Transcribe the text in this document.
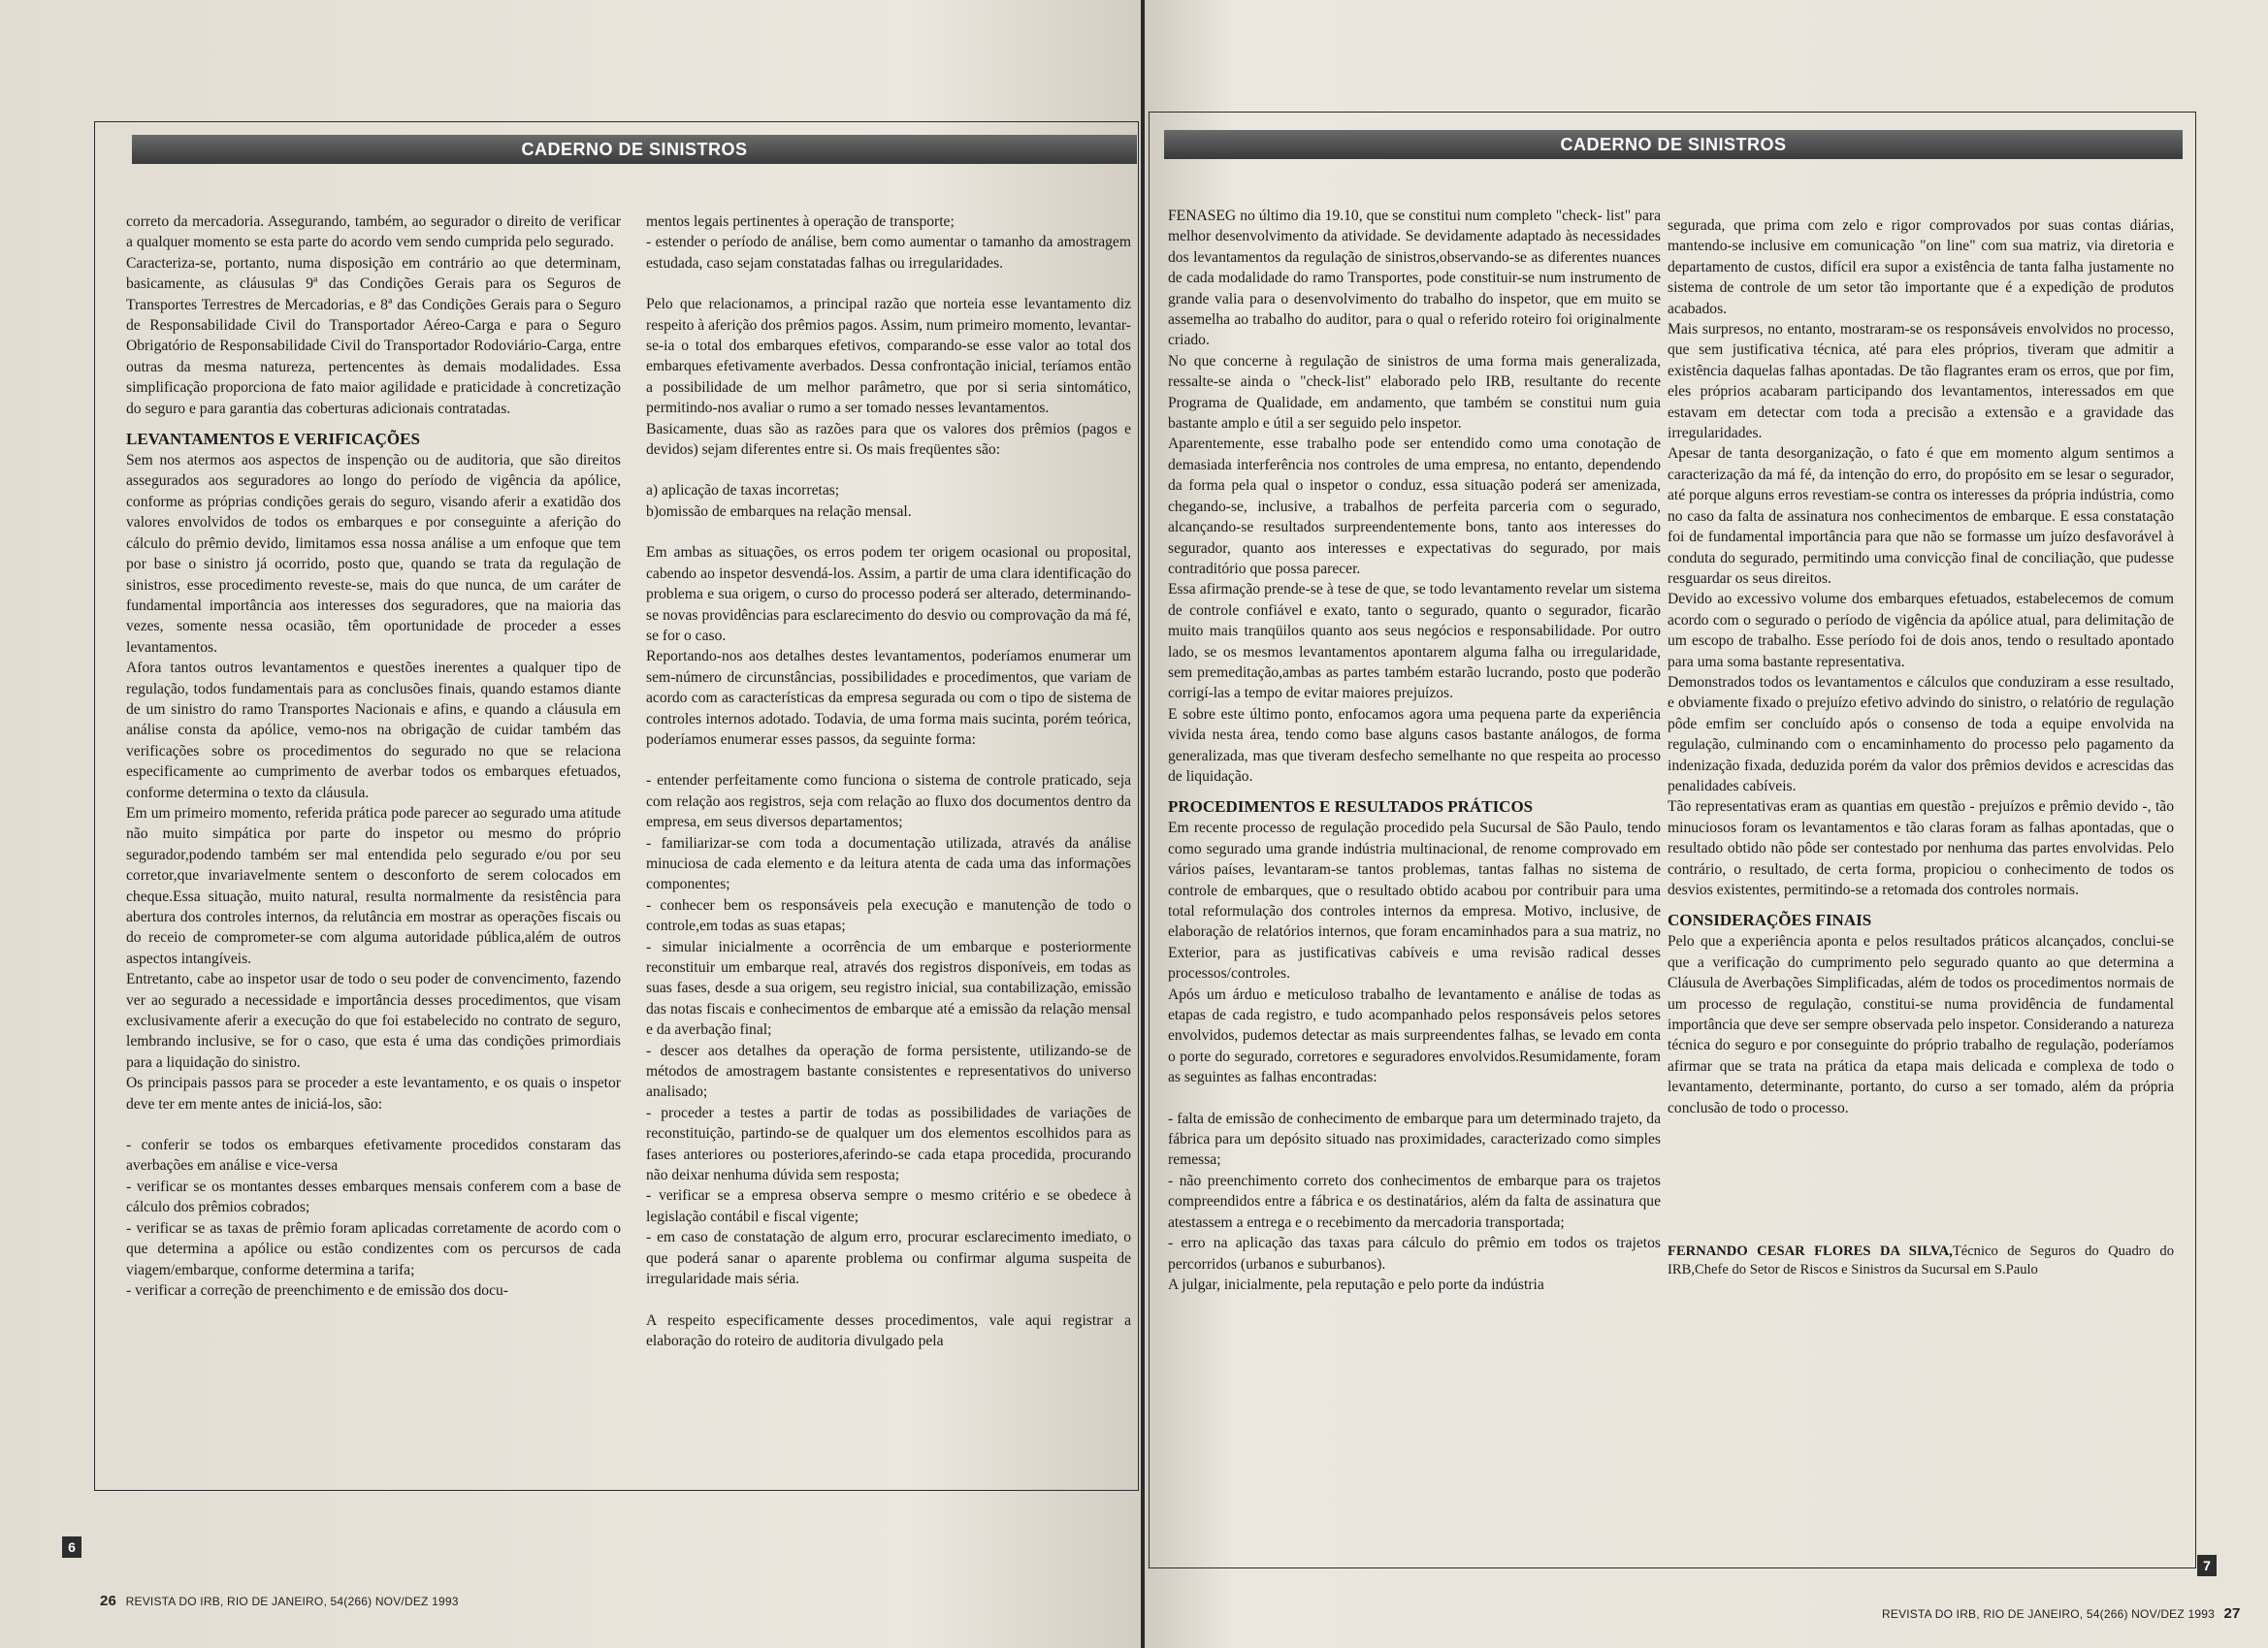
CADERNO DE SINISTROS

correto da mercadoria. Assegurando, também, ao segurador o direito de verificar a qualquer momento se esta parte do acordo vem sendo cumprida pelo segurado.

Caracteriza-se, portanto, numa disposição em contrário ao que determinam, basicamente, as cláusulas 9ª das Condições Gerais para os Seguros de Transportes Terrestres de Mercadorias, e 8ª das Condições Gerais para o Seguro de Responsabilidade Civil do Transportador Aéreo-Carga e para o Seguro Obrigatório de Responsabilidade Civil do Transportador Rodoviário-Carga, entre outras da mesma natureza, pertencentes às demais modalidades. Essa simplificação proporciona de fato maior agilidade e praticidade à concretização do seguro e para garantia das coberturas adicionais contratadas.

LEVANTAMENTOS E VERIFICAÇÕES

Sem nos atermos aos aspectos de inspenção ou de auditoria, que são direitos assegurados aos seguradores ao longo do período de vigência da apólice, conforme as próprias condições gerais do seguro, visando aferir a exatidão dos valores envolvidos de todos os embarques e por conseguinte a aferição do cálculo do prêmio devido, limitamos essa nossa análise a um enfoque que tem por base o sinistro já ocorrido, posto que, quando se trata da regulação de sinistros, esse procedimento reveste-se, mais do que nunca, de um caráter de fundamental importância aos interesses dos seguradores, que na maioria das vezes, somente nessa ocasião, têm oportunidade de proceder a esses levantamentos.

Afora tantos outros levantamentos e questões inerentes a qualquer tipo de regulação, todos fundamentais para as conclusões finais, quando estamos diante de um sinistro do ramo Transportes Nacionais e afins, e quando a cláusula em análise consta da apólice, vemo-nos na obrigação de cuidar também das verificações sobre os procedimentos do segurado no que se relaciona especificamente ao cumprimento de averbar todos os embarques efetuados, conforme determina o texto da cláusula.

Em um primeiro momento, referida prática pode parecer ao segurado uma atitude não muito simpática por parte do inspetor ou mesmo do próprio segurador,podendo também ser mal entendida pelo segurado e/ou por seu corretor,que invariavelmente sentem o desconforto de serem colocados em cheque.Essa situação, muito natural, resulta normalmente da resistência para abertura dos controles internos, da relutância em mostrar as operações fiscais ou do receio de comprometer-se com alguma autoridade pública,além de outros aspectos intangíveis.

Entretanto, cabe ao inspetor usar de todo o seu poder de convencimento, fazendo ver ao segurado a necessidade e importância desses procedimentos, que visam exclusivamente aferir a execução do que foi estabelecido no contrato de seguro, lembrando inclusive, se for o caso, que esta é uma das condições primordiais para a liquidação do sinistro.

Os principais passos para se proceder a este levantamento, e os quais o inspetor deve ter em mente antes de iniciá-los, são:

- conferir se todos os embarques efetivamente procedidos constaram das averbações em análise e vice-versa

- verificar se os montantes desses embarques mensais conferem com a base de cálculo dos prêmios cobrados;

- verificar se as taxas de prêmio foram aplicadas corretamente de acordo com o que determina a apólice ou estão condizentes com os percursos de cada viagem/embarque, conforme determina a tarifa;

- verificar a correção de preenchimento e de emissão dos docu-

mentos legais pertinentes à operação de transporte;

- estender o período de análise, bem como aumentar o tamanho da amostragem estudada, caso sejam constatadas falhas ou irregularidades.

Pelo que relacionamos, a principal razão que norteia esse levantamento diz respeito à aferição dos prêmios pagos. Assim, num primeiro momento, levantar-se-ia o total dos embarques efetivos, comparando-se esse valor ao total dos embarques efetivamente averbados. Dessa confrontação inicial, teríamos então a possibilidade de um melhor parâmetro, que por si seria sintomático, permitindo-nos avaliar o rumo a ser tomado nesses levantamentos.

Basicamente, duas são as razões para que os valores dos prêmios (pagos e devidos) sejam diferentes entre si. Os mais freqüentes são:

a) aplicação de taxas incorretas;

b)omissão de embarques na relação mensal.

Em ambas as situações, os erros podem ter origem ocasional ou proposital, cabendo ao inspetor desvendá-los. Assim, a partir de uma clara identificação do problema e sua origem, o curso do processo poderá ser alterado, determinando-se novas providências para esclarecimento do desvio ou comprovação da má fé, se for o caso.

Reportando-nos aos detalhes destes levantamentos, poderíamos enumerar um sem-número de circunstâncias, possibilidades e procedimentos, que variam de acordo com as características da empresa segurada ou com o tipo de sistema de controles internos adotado. Todavia, de uma forma mais sucinta, porém teórica, poderíamos enumerar esses passos, da seguinte forma:

- entender perfeitamente como funciona o sistema de controle praticado, seja com relação aos registros, seja com relação ao fluxo dos documentos dentro da empresa, em seus diversos departamentos;

- familiarizar-se com toda a documentação utilizada, através da análise minuciosa de cada elemento e da leitura atenta de cada uma das informações componentes;

- conhecer bem os responsáveis pela execução e manutenção de todo o controle,em todas as suas etapas;

- simular inicialmente a ocorrência de um embarque e posteriormente reconstituir um embarque real, através dos registros disponíveis, em todas as suas fases, desde a sua origem, seu registro inicial, sua contabilização, emissão das notas fiscais e conhecimentos de embarque até a emissão da relação mensal e da averbação final;

- descer aos detalhes da operação de forma persistente, utilizando-se de métodos de amostragem bastante consistentes e representativos do universo analisado;

- proceder a testes a partir de todas as possibilidades de variações de reconstituição, partindo-se de qualquer um dos elementos escolhidos para as fases anteriores ou posteriores,aferindo-se cada etapa procedida, procurando não deixar nenhuma dúvida sem resposta;

- verificar se a empresa observa sempre o mesmo critério e se obedece à legislação contábil e fiscal vigente;

- em caso de constatação de algum erro, procurar esclarecimento imediato, o que poderá sanar o aparente problema ou confirmar alguma suspeita de irregularidade mais séria.

A respeito especificamente desses procedimentos, vale aqui registrar a elaboração do roteiro de auditoria divulgado pela

6
26 REVISTA DO IRB, RIO DE JANEIRO, 54(266) NOV/DEZ 1993
CADERNO DE SINISTROS

FENASEG no último dia 19.10, que se constitui num completo "check- list" para melhor desenvolvimento da atividade. Se devidamente adaptado às necessidades dos levantamentos da regulação de sinistros,observando-se as diferentes nuances de cada modalidade do ramo Transportes, pode constituir-se num instrumento de grande valia para o desenvolvimento do trabalho do inspetor, que em muito se assemelha ao trabalho do auditor, para o qual o referido roteiro foi originalmente criado.

No que concerne à regulação de sinistros de uma forma mais generalizada, ressalte-se ainda o "check-list" elaborado pelo IRB, resultante do recente Programa de Qualidade, em andamento, que também se constitui num guia bastante amplo e útil a ser seguido pelo inspetor.

Aparentemente, esse trabalho pode ser entendido como uma conotação de demasiada interferência nos controles de uma empresa, no entanto, dependendo da forma pela qual o inspetor o conduz, essa situação poderá ser amenizada, chegando-se, inclusive, a trabalhos de perfeita parceria com o segurado, alcançando-se resultados surpreendentemente bons, tanto aos interesses do segurador, quanto aos interesses e expectativas do segurado, por mais contraditório que possa parecer.

Essa afirmação prende-se à tese de que, se todo levantamento revelar um sistema de controle confiável e exato, tanto o segurado, quanto o segurador, ficarão muito mais tranqüilos quanto aos seus negócios e responsabilidade. Por outro lado, se os mesmos levantamentos apontarem alguma falha ou irregularidade, sem premeditação,ambas as partes também estarão lucrando, posto que poderão corrigí-las a tempo de evitar maiores prejuízos.

E sobre este último ponto, enfocamos agora uma pequena parte da experiência vivida nesta área, tendo como base alguns casos bastante análogos, de forma generalizada, mas que tiveram desfecho semelhante no que respeita ao processo de liquidação.

PROCEDIMENTOS E RESULTADOS PRÁTICOS

Em recente processo de regulação procedido pela Sucursal de São Paulo, tendo como segurado uma grande indústria multinacional, de renome comprovado em vários países, levantaram-se tantos problemas, tantas falhas no sistema de controle de embarques, que o resultado obtido acabou por contribuir para uma total reformulação dos controles internos da empresa. Motivo, inclusive, de elaboração de relatórios internos, que foram encaminhados para a sua matriz, no Exterior, para as justificativas cabíveis e uma revisão radical desses processos/controles.

Após um árduo e meticuloso trabalho de levantamento e análise de todas as etapas de cada registro, e tudo acompanhado pelos responsáveis pelos setores envolvidos, pudemos detectar as mais surpreendentes falhas, se levado em conta o porte do segurado, corretores e seguradores envolvidos.Resumidamente, foram as seguintes as falhas encontradas:

- falta de emissão de conhecimento de embarque para um determinado trajeto, da fábrica para um depósito situado nas proximidades, caracterizado como simples remessa;

- não preenchimento correto dos conhecimentos de embarque para os trajetos compreendidos entre a fábrica e os destinatários, além da falta de assinatura que atestassem a entrega e o recebimento da mercadoria transportada;

- erro na aplicação das taxas para cálculo do prêmio em todos os trajetos percorridos (urbanos e suburbanos).

A julgar, inicialmente, pela reputação e pelo porte da indústria

segurada, que prima com zelo e rigor comprovados por suas contas diárias, mantendo-se inclusive em comunicação "on line" com sua matriz, via diretoria e departamento de custos, difícil era supor a existência de tanta falha justamente no sistema de controle de um setor tão importante que é a expedição de produtos acabados.

Mais surpresos, no entanto, mostraram-se os responsáveis envolvidos no processo, que sem justificativa técnica, até para eles próprios, tiveram que admitir a existência daquelas falhas apontadas. De tão flagrantes eram os erros, que por fim, eles próprios acabaram participando dos levantamentos, interessados em que estavam em detectar com toda a precisão a extensão e a gravidade das irregularidades.

Apesar de tanta desorganização, o fato é que em momento algum sentimos a caracterização da má fé, da intenção do erro, do propósito em se lesar o segurador, até porque alguns erros revestiam-se contra os interesses da própria indústria, como no caso da falta de assinatura nos conhecimentos de embarque. E essa constatação foi de fundamental importância para que não se formasse um juízo desfavorável à conduta do segurado, permitindo uma convicção final de conciliação, que pudesse resguardar os seus direitos.

Devido ao excessivo volume dos embarques efetuados, estabelecemos de comum acordo com o segurado o período de vigência da apólice atual, para delimitação de um escopo de trabalho. Esse período foi de dois anos, tendo o resultado apontado para uma soma bastante representativa.

Demonstrados todos os levantamentos e cálculos que conduziram a esse resultado, e obviamente fixado o prejuízo efetivo advindo do sinistro, o relatório de regulação pôde emfim ser concluído após o consenso de toda a equipe envolvida na regulação, culminando com o encaminhamento do processo pelo pagamento da indenização fixada, deduzida porém da valor dos prêmios devidos e acrescidas das penalidades cabíveis.

Tão representativas eram as quantias em questão - prejuízos e prêmio devido -, tão minuciosos foram os levantamentos e tão claras foram as falhas apontadas, que o resultado obtido não pôde ser contestado por nenhuma das partes envolvidas. Pelo contrário, o resultado, de certa forma, propiciou o conhecimento de todos os desvios existentes, permitindo-se a retomada dos controles normais.

CONSIDERAÇÕES FINAIS

Pelo que a experiência aponta e pelos resultados práticos alcançados, conclui-se que a verificação do cumprimento pelo segurado quanto ao que determina a Cláusula de Averbações Simplificadas, além de todos os procedimentos normais de um processo de regulação, constitui-se numa providência de fundamental importância que deve ser sempre observada pelo inspetor. Considerando a natureza técnica do seguro e por conseguinte do próprio trabalho de regulação, poderíamos afirmar que se trata na prática da etapa mais delicada e complexa de todo o levantamento, determinante, portanto, do curso a ser tomado, além da própria conclusão de todo o processo.

FERNANDO CESAR FLORES DA SILVA,Técnico de Seguros do Quadro do IRB,Chefe do Setor de Riscos e Sinistros da Sucursal em S.Paulo
7
REVISTA DO IRB, RIO DE JANEIRO, 54(266) NOV/DEZ 1993 27
